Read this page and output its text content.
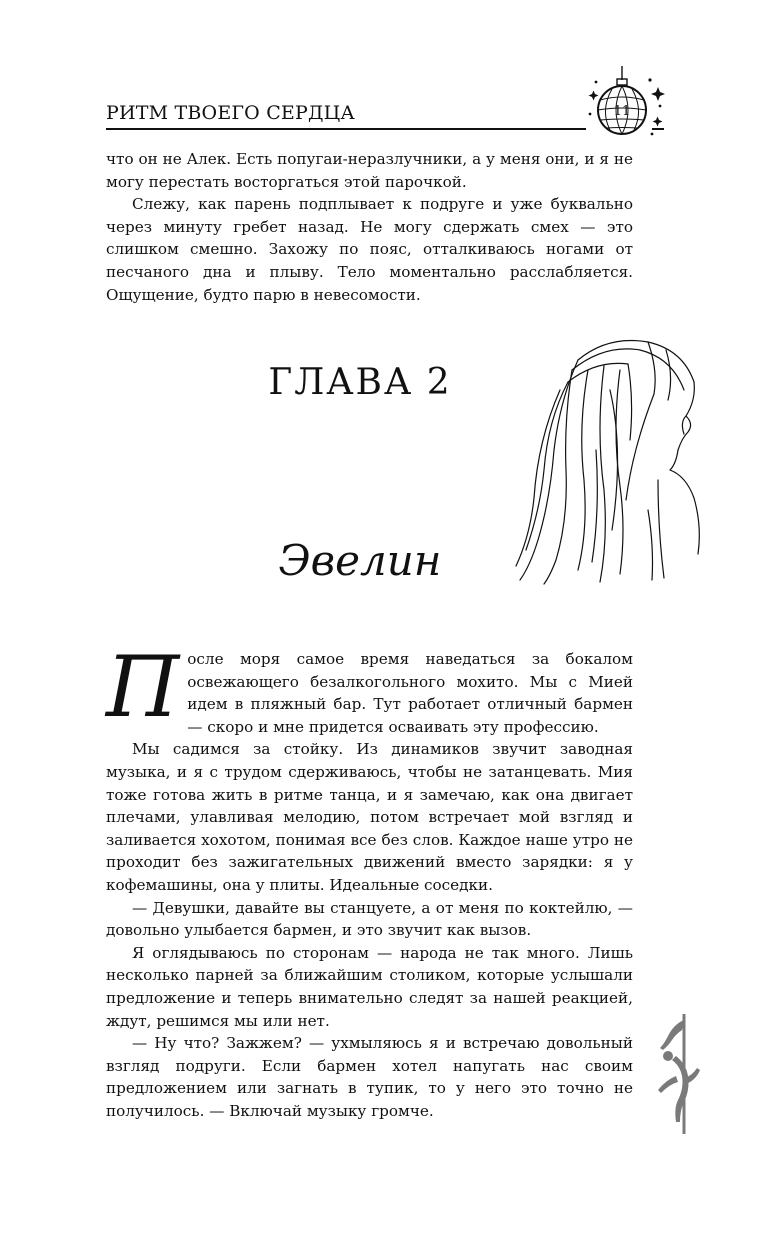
РИТМ ТВОЕГО СЕРДЦА	11

что он не Алек. Есть попугаи-неразлучники, а у меня они, и я не могу перестать восторгаться этой парочкой.

Слежу, как парень подплывает к подруге и уже буквально через минуту гребет назад. Не могу сдержать смех — это слишком смешно. Захожу по пояс, отталкиваюсь ногами от песчаного дна и плыву. Тело моментально расслабляется. Ощущение, будто парю в невесомости.

ГЛАВА 2
Эвелин

После моря самое время наведаться за бокалом освежающего безалкогольного мохито. Мы с Мией идем в пляжный бар. Тут работает отличный бармен — скоро и мне придется осваивать эту профессию.

Мы садимся за стойку. Из динамиков звучит заводная музыка, и я с трудом сдерживаюсь, чтобы не затанцевать. Мия тоже готова жить в ритме танца, и я замечаю, как она двигает плечами, улавливая мелодию, потом встречает мой взгляд и заливается хохотом, понимая все без слов. Каждое наше утро не проходит без зажигательных движений вместо зарядки: я у кофемашины, она у плиты. Идеальные соседки.

— Девушки, давайте вы станцуете, а от меня по коктейлю, — довольно улыбается бармен, и это звучит как вызов.

Я оглядываюсь по сторонам — народа не так много. Лишь несколько парней за ближайшим столиком, которые услышали предложение и теперь внимательно следят за нашей реакцией, ждут, решимся мы или нет.

— Ну что? Зажжем? — ухмыляюсь я и встречаю довольный взгляд подруги. Если бармен хотел напугать нас своим предложением или загнать в тупик, то у него это точно не получилось. — Включай музыку громче.
